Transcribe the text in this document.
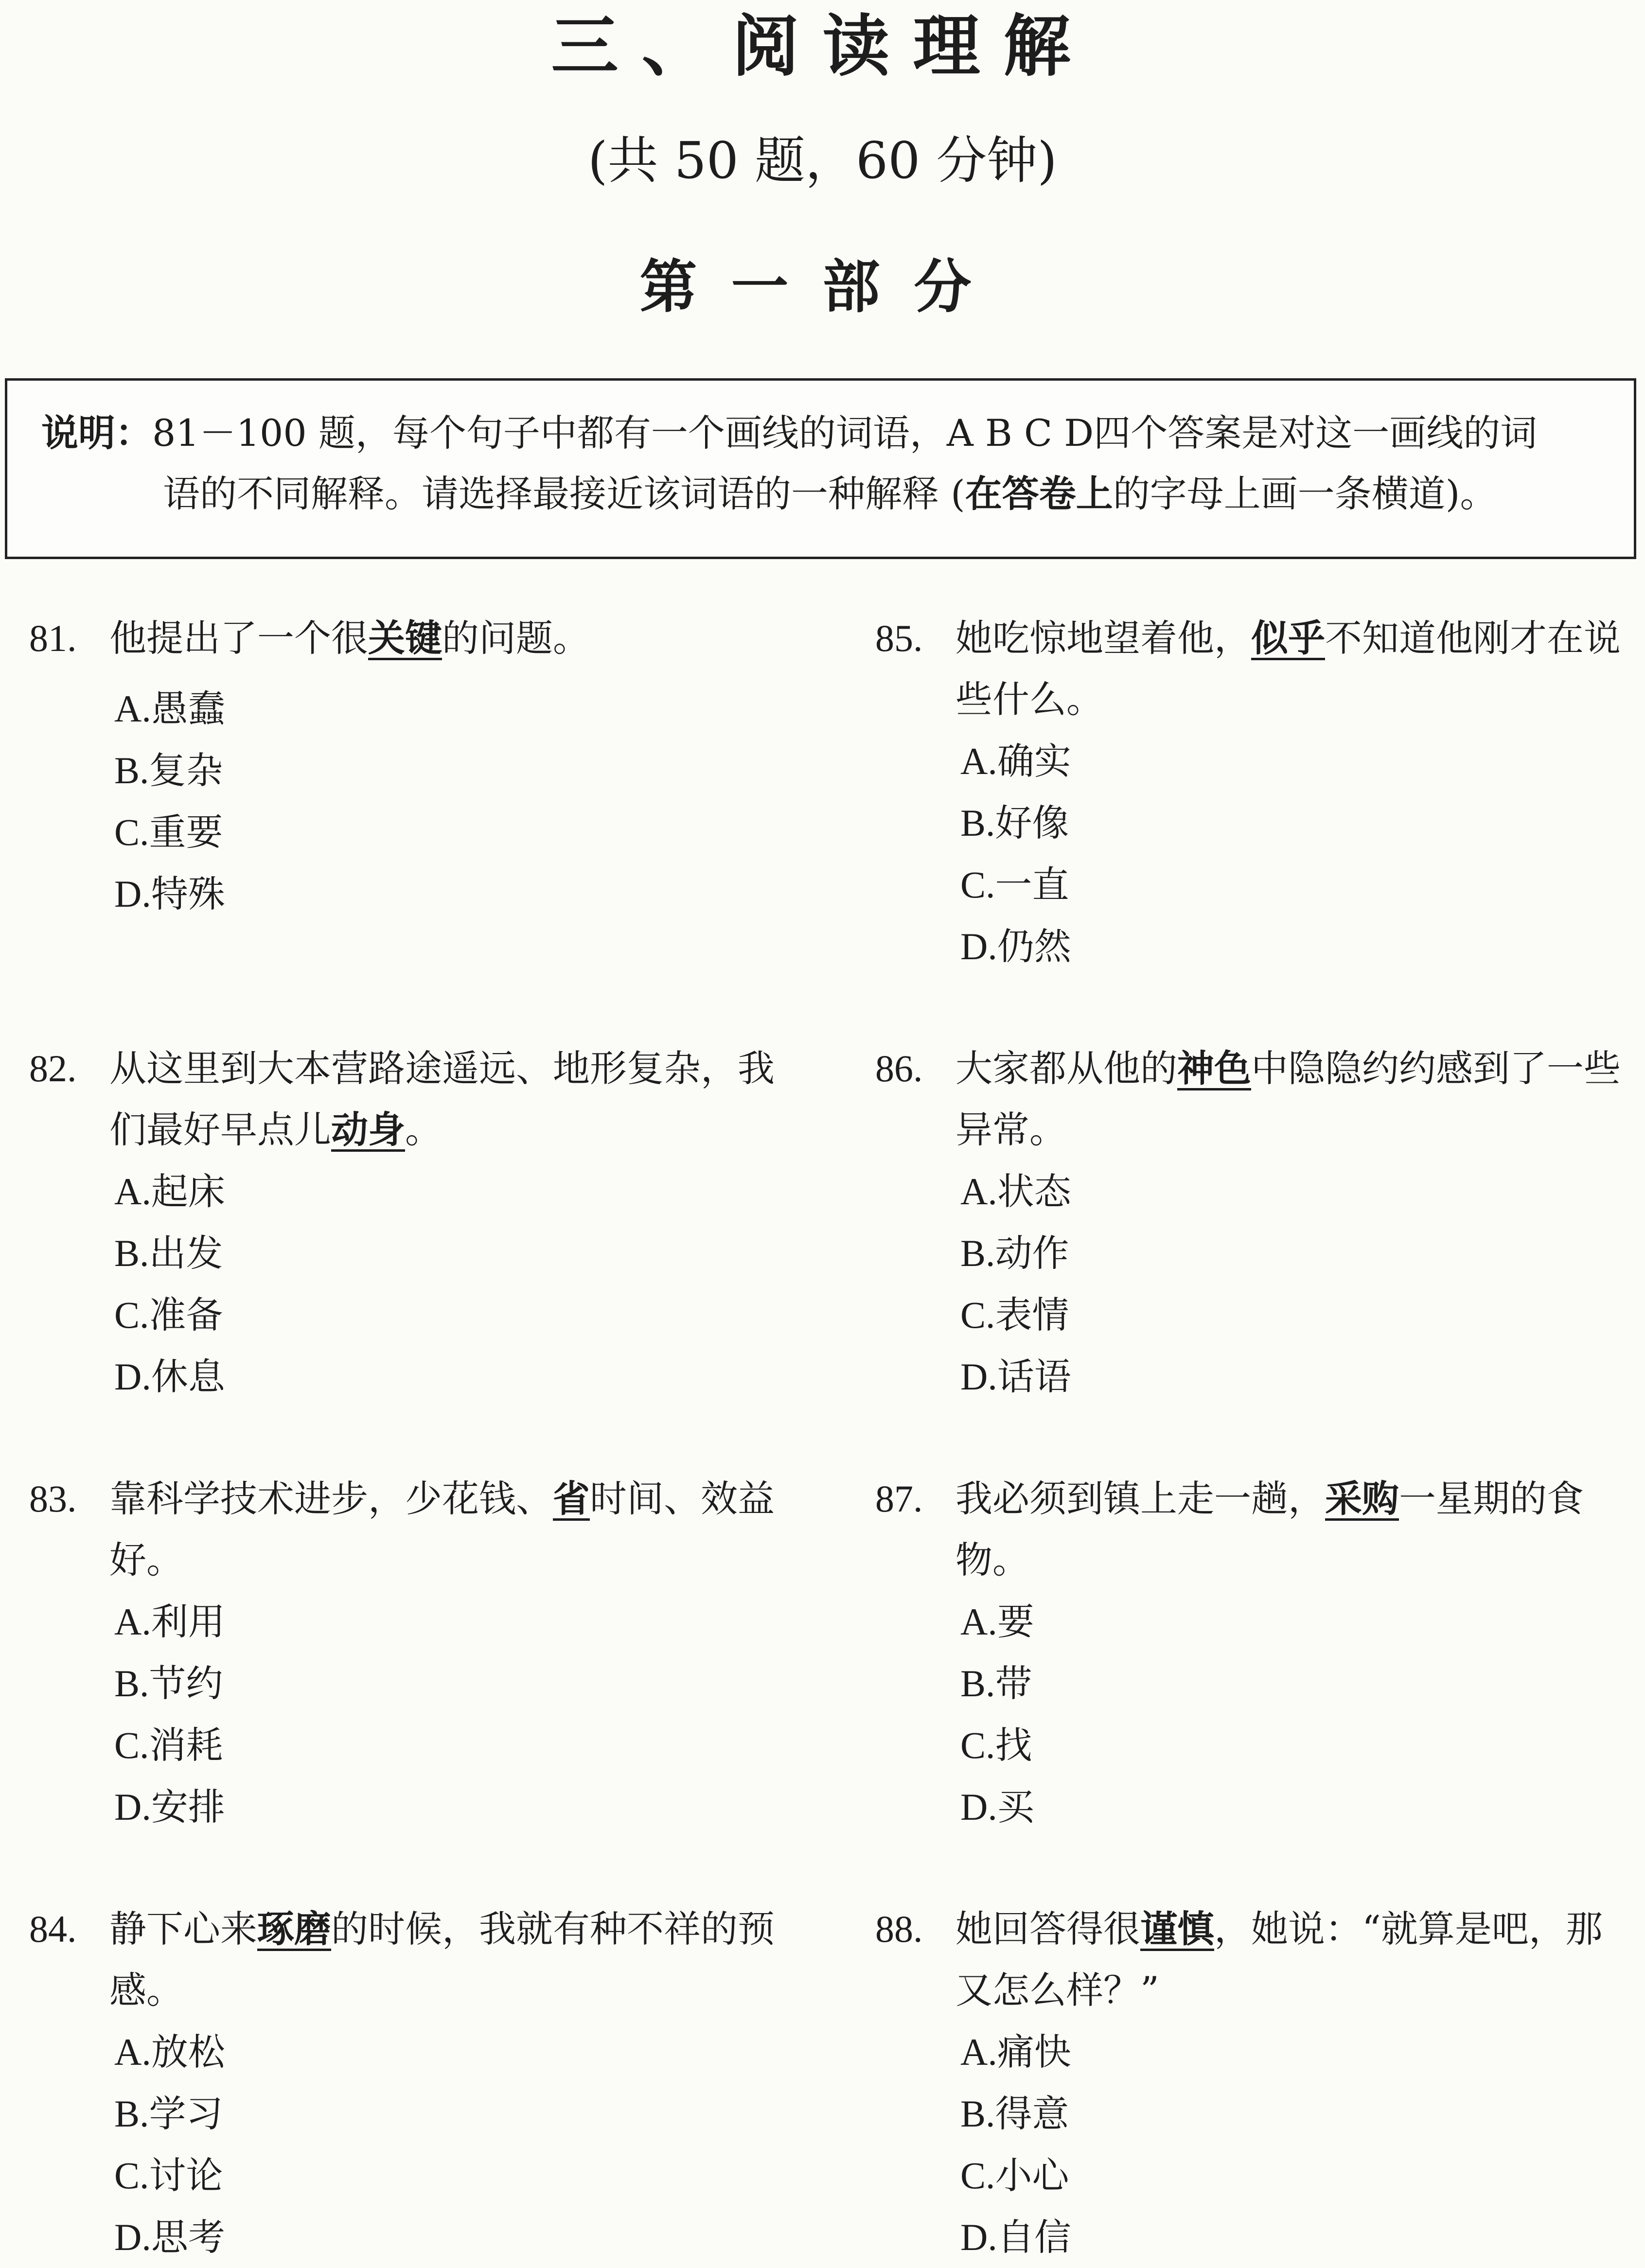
三、阅读理解
(共 50 题，60 分钟)
第一部分
说明：81－100 题，每个句子中都有一个画线的词语，A B C D四个答案是对这一画线的词
语的不同解释。请选择最接近该词语的一种解释 (在答卷上的字母上画一条横道)。
81. 他提出了一个很关键的问题。
A.愚蠢
B.复杂
C.重要
D.特殊
82. 从这里到大本营路途遥远、地形复杂，我们最好早点儿动身。
A.起床
B.出发
C.准备
D.休息
83. 靠科学技术进步，少花钱、省时间、效益好。
A.利用
B.节约
C.消耗
D.安排
84. 静下心来琢磨的时候，我就有种不祥的预感。
A.放松
B.学习
C.讨论
D.思考
85. 她吃惊地望着他，似乎不知道他刚才在说些什么。
A.确实
B.好像
C.一直
D.仍然
86. 大家都从他的神色中隐隐约约感到了一些异常。
A.状态
B.动作
C.表情
D.话语
87. 我必须到镇上走一趟，采购一星期的食物。
A.要
B.带
C.找
D.买
88. 她回答得很谨慎，她说：“就算是吧，那又怎么样？”
A.痛快
B.得意
C.小心
D.自信
